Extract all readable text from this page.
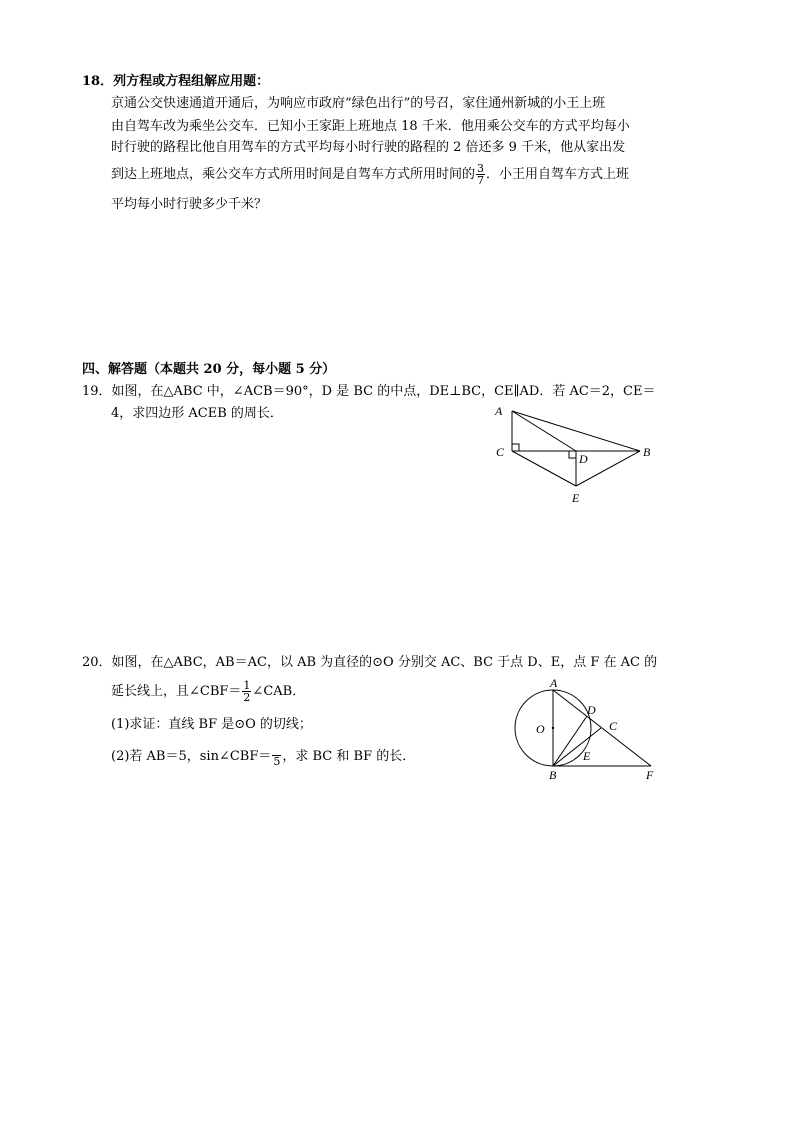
18．列方程或方程组解应用题：
京通公交快速通道开通后，为响应市政府“绿色出行”的号召，家住通州新城的小王上班
由自驾车改为乘坐公交车．已知小王家距上班地点 18 千米．他用乘公交车的方式平均每小
时行驶的路程比他自用驾车的方式平均每小时行驶的路程的 2 倍还多 9 千米，他从家出发
到达上班地点，乘公交车方式所用时间是自驾车方式所用时间的 $\frac{3}{7}$ ．小王用自驾车方式上班
平均每小时行驶多少千米？
四、解答题（本题共 20 分，每小题 5 分）
19．如图，在△ABC 中，∠ACB＝90°，D 是 BC 的中点，DE⊥BC，CE∥AD．若 AC＝2，CE＝
4，求四边形 ACEB 的周长．	A
C	D	B
E
20．如图，在△ABC，AB＝AC，以 AB 为直径的⊙O 分别交 AC、BC 于点 D、E，点 F 在 AC 的
延长线上，且∠CBF＝ $\frac{1}{2}$ ∠CAB．
(1)求证：直线 BF 是⊙O 的切线；
(2)若 AB＝5，sin∠CBF＝ 5 ，求 BC 和 BF 的长．
A
D
C
O
E
B	F
